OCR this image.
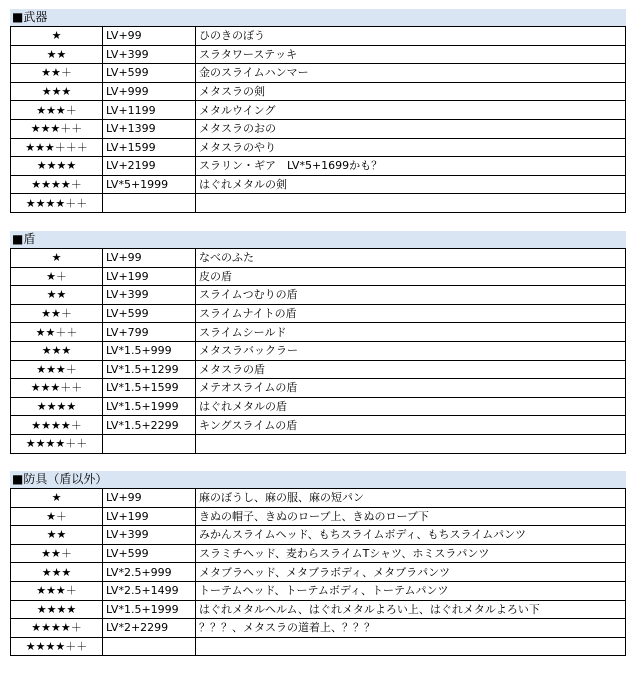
■武器
★	LV+99	ひのきのぼう
★★	LV+399	スラタワーステッキ
★★＋	LV+599	金のスライムハンマー
★★★	LV+999	メタスラの剣
★★★＋	LV+1199	メタルウイング
★★★＋＋	LV+1399	メタスラのおの
★★★＋＋＋	LV+1599	メタスラのやり
★★★★	LV+2199	スラリン・ギア　LV*5+1699かも？
★★★★＋	LV*5+1999	はぐれメタルの剣
★★★★＋＋		
■盾
★	LV+99	なべのふた
★＋	LV+199	皮の盾
★★	LV+399	スライムつむりの盾
★★＋	LV+599	スライムナイトの盾
★★＋＋	LV+799	スライムシールド
★★★	LV*1.5+999	メタスラバックラー
★★★＋	LV*1.5+1299	メタスラの盾
★★★＋＋	LV*1.5+1599	メテオスライムの盾
★★★★	LV*1.5+1999	はぐれメタルの盾
★★★★＋	LV*1.5+2299	キングスライムの盾
★★★★＋＋		
■防具（盾以外）
★	LV+99	麻のぼうし、麻の服、麻の短パン
★＋	LV+199	きぬの帽子、きぬのローブ上、きぬのローブ下
★★	LV+399	みかんスライムヘッド、もちスライムボディ、もちスライムパンツ
★★＋	LV+599	スラミチヘッド、麦わらスライムTシャツ、ホミスラパンツ
★★★	LV*2.5+999	メタブラヘッド、メタブラボディ、メタブラパンツ
★★★＋	LV*2.5+1499	トーテムヘッド、トーテムボディ、トーテムパンツ
★★★★	LV*1.5+1999	はぐれメタルヘルム、はぐれメタルよろい上、はぐれメタルよろい下
★★★★＋	LV*2+2299	？？？、メタスラの道着上、？？？
★★★★＋＋		
